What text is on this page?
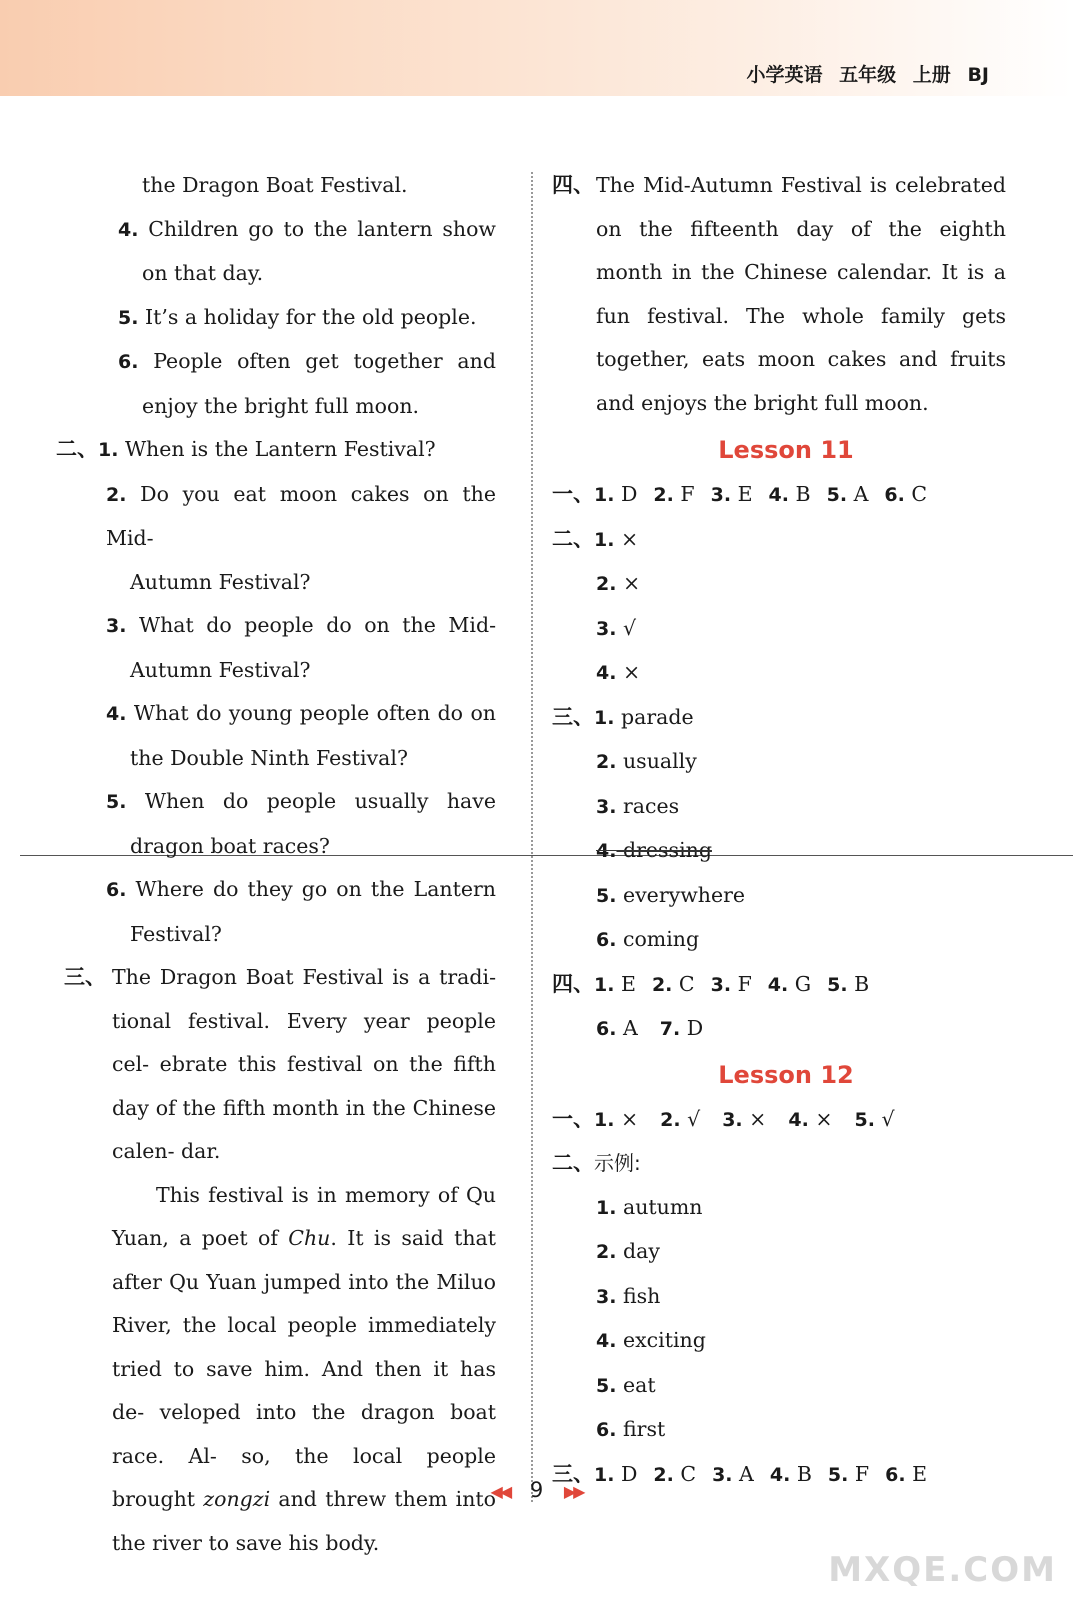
小学英语 五年级 上册 BJ
the Dragon Boat Festival.
4. Children go to the lantern show
on that day.
5. It’s a holiday for the old people.
6. People often get together and
enjoy the bright full moon.
二、1. When is the Lantern Festival?
2. Do you eat moon cakes on the Mid-
Autumn Festival?
3. What do people do on the Mid-
Autumn Festival?
4. What do young people often do on
the Double Ninth Festival?
5. When do people usually have
dragon boat races?
6. Where do they go on the Lantern
Festival?
三、 The Dragon Boat Festival is a tradi- tional festival. Every year people cel- ebrate this festival on the fifth day of the fifth month in the Chinese calen- dar.
This festival is in memory of Qu Yuan, a poet of Chu. It is said that after Qu Yuan jumped into the Miluo River, the local people immediately tried to save him. And then it has de- veloped into the dragon boat race. Al- so, the local people brought zongzi and threw them into the river to save his body.
四、 The Mid-Autumn Festival is celebrated on the fifteenth day of the eighth month in the Chinese calendar. It is a fun festival. The whole family gets together, eats moon cakes and fruits and enjoys the bright full moon.
Lesson 11
一、1. D 2. F 3. E 4. B 5. A 6. C
二、1. ×
2. ×
3. √
4. ×
三、1. parade
2. usually
3. races
4. dressing
5. everywhere
6. coming
四、1. E 2. C 3. F 4. G 5. B
6. A 7. D
Lesson 12
一、1. × 2. √ 3. × 4. × 5. √
二、示例:
1. autumn
2. day
3. fish
4. exciting
5. eat
6. first
三、1. D 2. C 3. A 4. B 5. F 6. E
◀◀ 9 ▶▶
MXQE.COM
